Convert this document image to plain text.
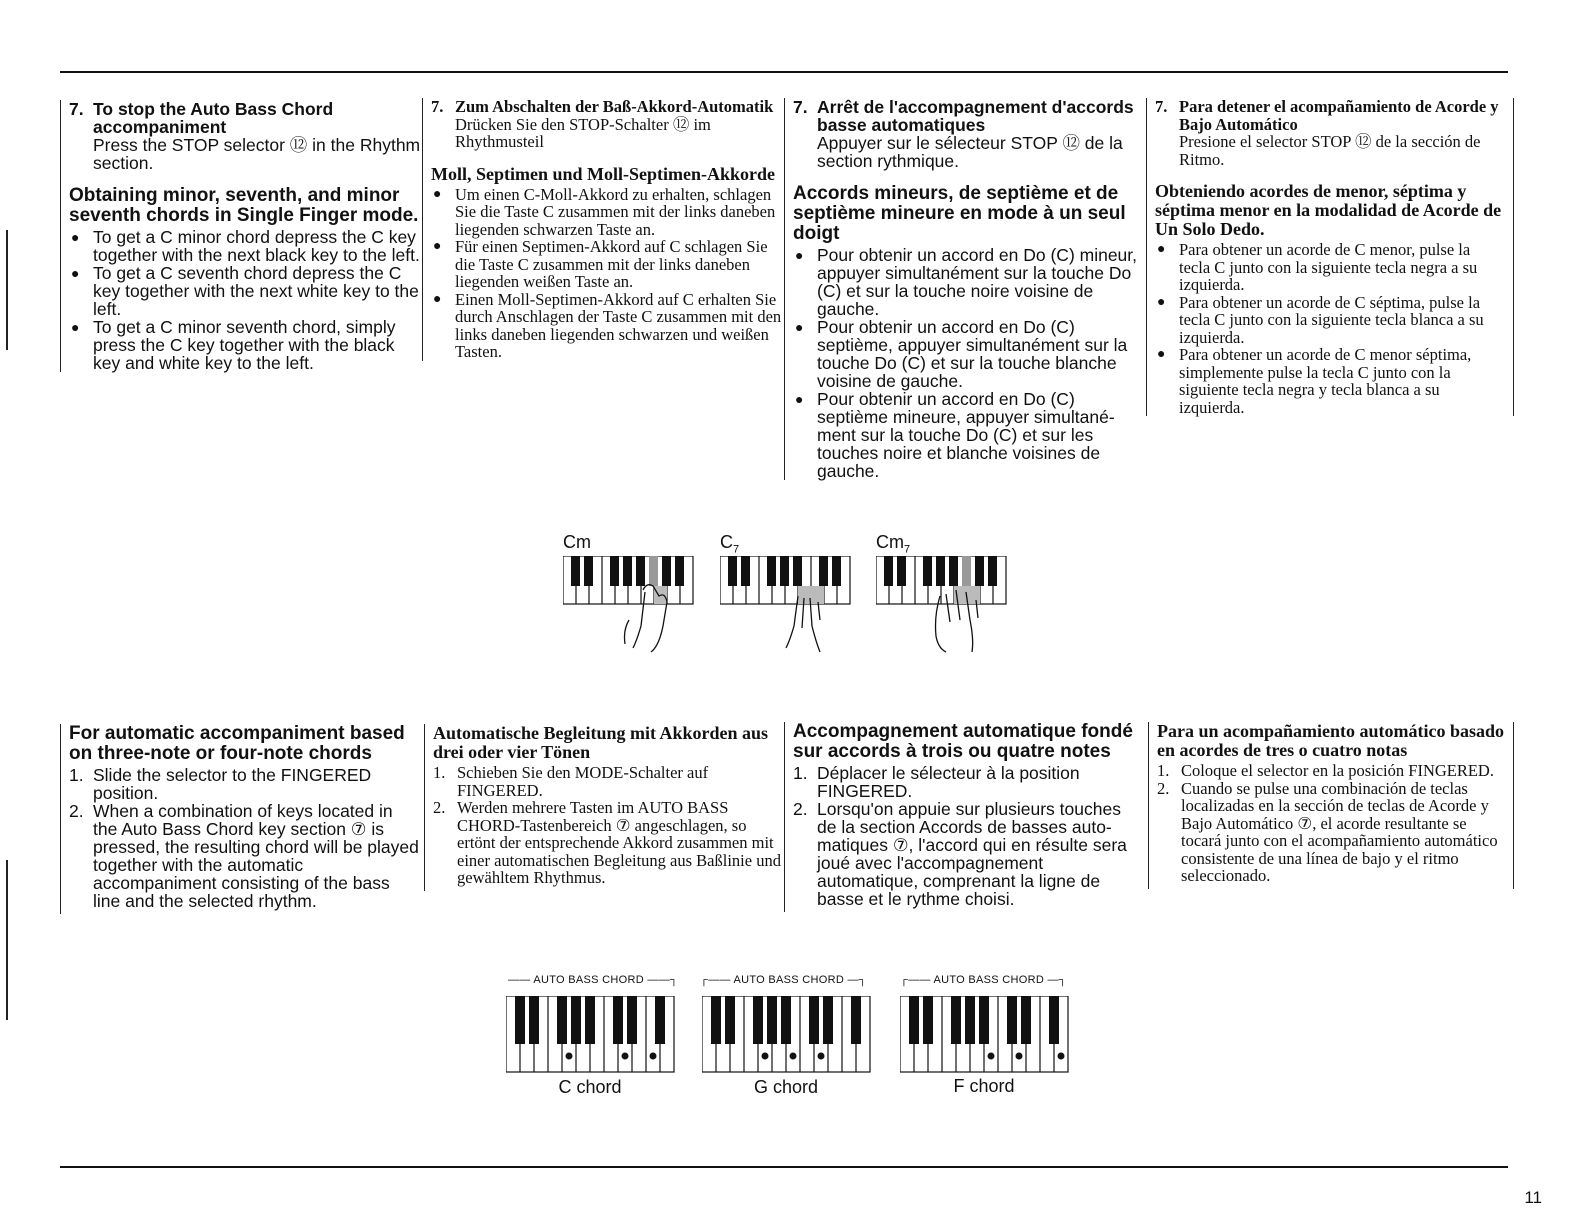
7. To stop the Auto Bass Chord accompaniment
Press the STOP selector ⑫ in the Rhythm section.
Obtaining minor, seventh, and minor seventh chords in Single Finger mode.
● To get a C minor chord depress the C key together with the next black key to the left.
● To get a C seventh chord depress the C key together with the next white key to the left.
● To get a C minor seventh chord, simply press the C key together with the black key and white key to the left.
7. Zum Abschalten der Baß-Akkord-Automatik
Drücken Sie den STOP-Schalter ⑫ im Rhythmusteil
Moll, Septimen und Moll-Septimen-Akkorde
● Um einen C-Moll-Akkord zu erhalten, schlagen Sie die Taste C zusammen mit der links daneben liegenden schwarzen Taste an.
● Für einen Septimen-Akkord auf C schlagen Sie die Taste C zusammen mit der links daneben liegenden weißen Taste an.
● Einen Moll-Septimen-Akkord auf C erhalten Sie durch Anschlagen der Taste C zusammen mit den links daneben liegenden schwarzen und weißen Tasten.
7. Arrêt de l'accompagnement d'accords basse automatiques
Appuyer sur le sélecteur STOP ⑫ de la section rythmique.
Accords mineurs, de septième et de septième mineure en mode à un seul doigt
● Pour obtenir un accord en Do (C) mineur, appuyer simultanément sur la touche Do (C) et sur la touche noire voisine de gauche.
● Pour obtenir un accord en Do (C) septième, appuyer simultanément sur la touche Do (C) et sur la touche blanche voisine de gauche.
● Pour obtenir un accord en Do (C) septième mineure, appuyer simultané-ment sur la touche Do (C) et sur les touches noire et blanche voisines de gauche.
7. Para detener el acompañamiento de Acorde y Bajo Automático
Presione el selector STOP ⑫ de la sección de Ritmo.
Obteniendo acordes de menor, séptima y séptima menor en la modalidad de Acorde de Un Solo Dedo.
● Para obtener un acorde de C menor, pulse la tecla C junto con la siguiente tecla negra a su izquierda.
● Para obtener un acorde de C séptima, pulse la tecla C junto con la siguiente tecla blanca a su izquierda.
● Para obtener un acorde de C menor séptima, simplemente pulse la tecla C junto con la siguiente tecla negra y tecla blanca a su izquierda.
Cm	$C_7$	$Cm_7$
For automatic accompaniment based on three-note or four-note chords
1. Slide the selector to the FINGERED position.
2. When a combination of keys located in the Auto Bass Chord key section ⑦ is pressed, the resulting chord will be played together with the automatic accompaniment consisting of the bass line and the selected rhythm.
Automatische Begleitung mit Akkorden aus drei oder vier Tönen
1. Schieben Sie den MODE-Schalter auf FINGERED.
2. Werden mehrere Tasten im AUTO BASS CHORD-Tastenbereich ⑦ angeschlagen, so ertönt der entsprechende Akkord zusammen mit einer automatischen Begleitung aus Baßlinie und gewähltem Rhythmus.
Accompagnement automatique fondé sur accords à trois ou quatre notes
1. Déplacer le sélecteur à la position FINGERED.
2. Lorsqu'on appuie sur plusieurs touches de la section Accords de basses auto-matiques ⑦, l'accord qui en résulte sera joué avec l'accompagnement automatique, comprenant la ligne de basse et le rythme choisi.
Para un acompañamiento automático basado en acordes de tres o cuatro notas
1. Coloque el selector en la posición FINGERED.
2. Cuando se pulse una combinación de teclas localizadas en la sección de teclas de Acorde y Bajo Automático ⑦, el acorde resultante se tocará junto con el acompañamiento automático consistente de una línea de bajo y el ritmo seleccionado.
—— AUTO BASS CHORD ——┐ ┌—— AUTO BASS CHORD —┐	┌—— AUTO BASS CHORD —┐
C chord	G chord	F chord
11
